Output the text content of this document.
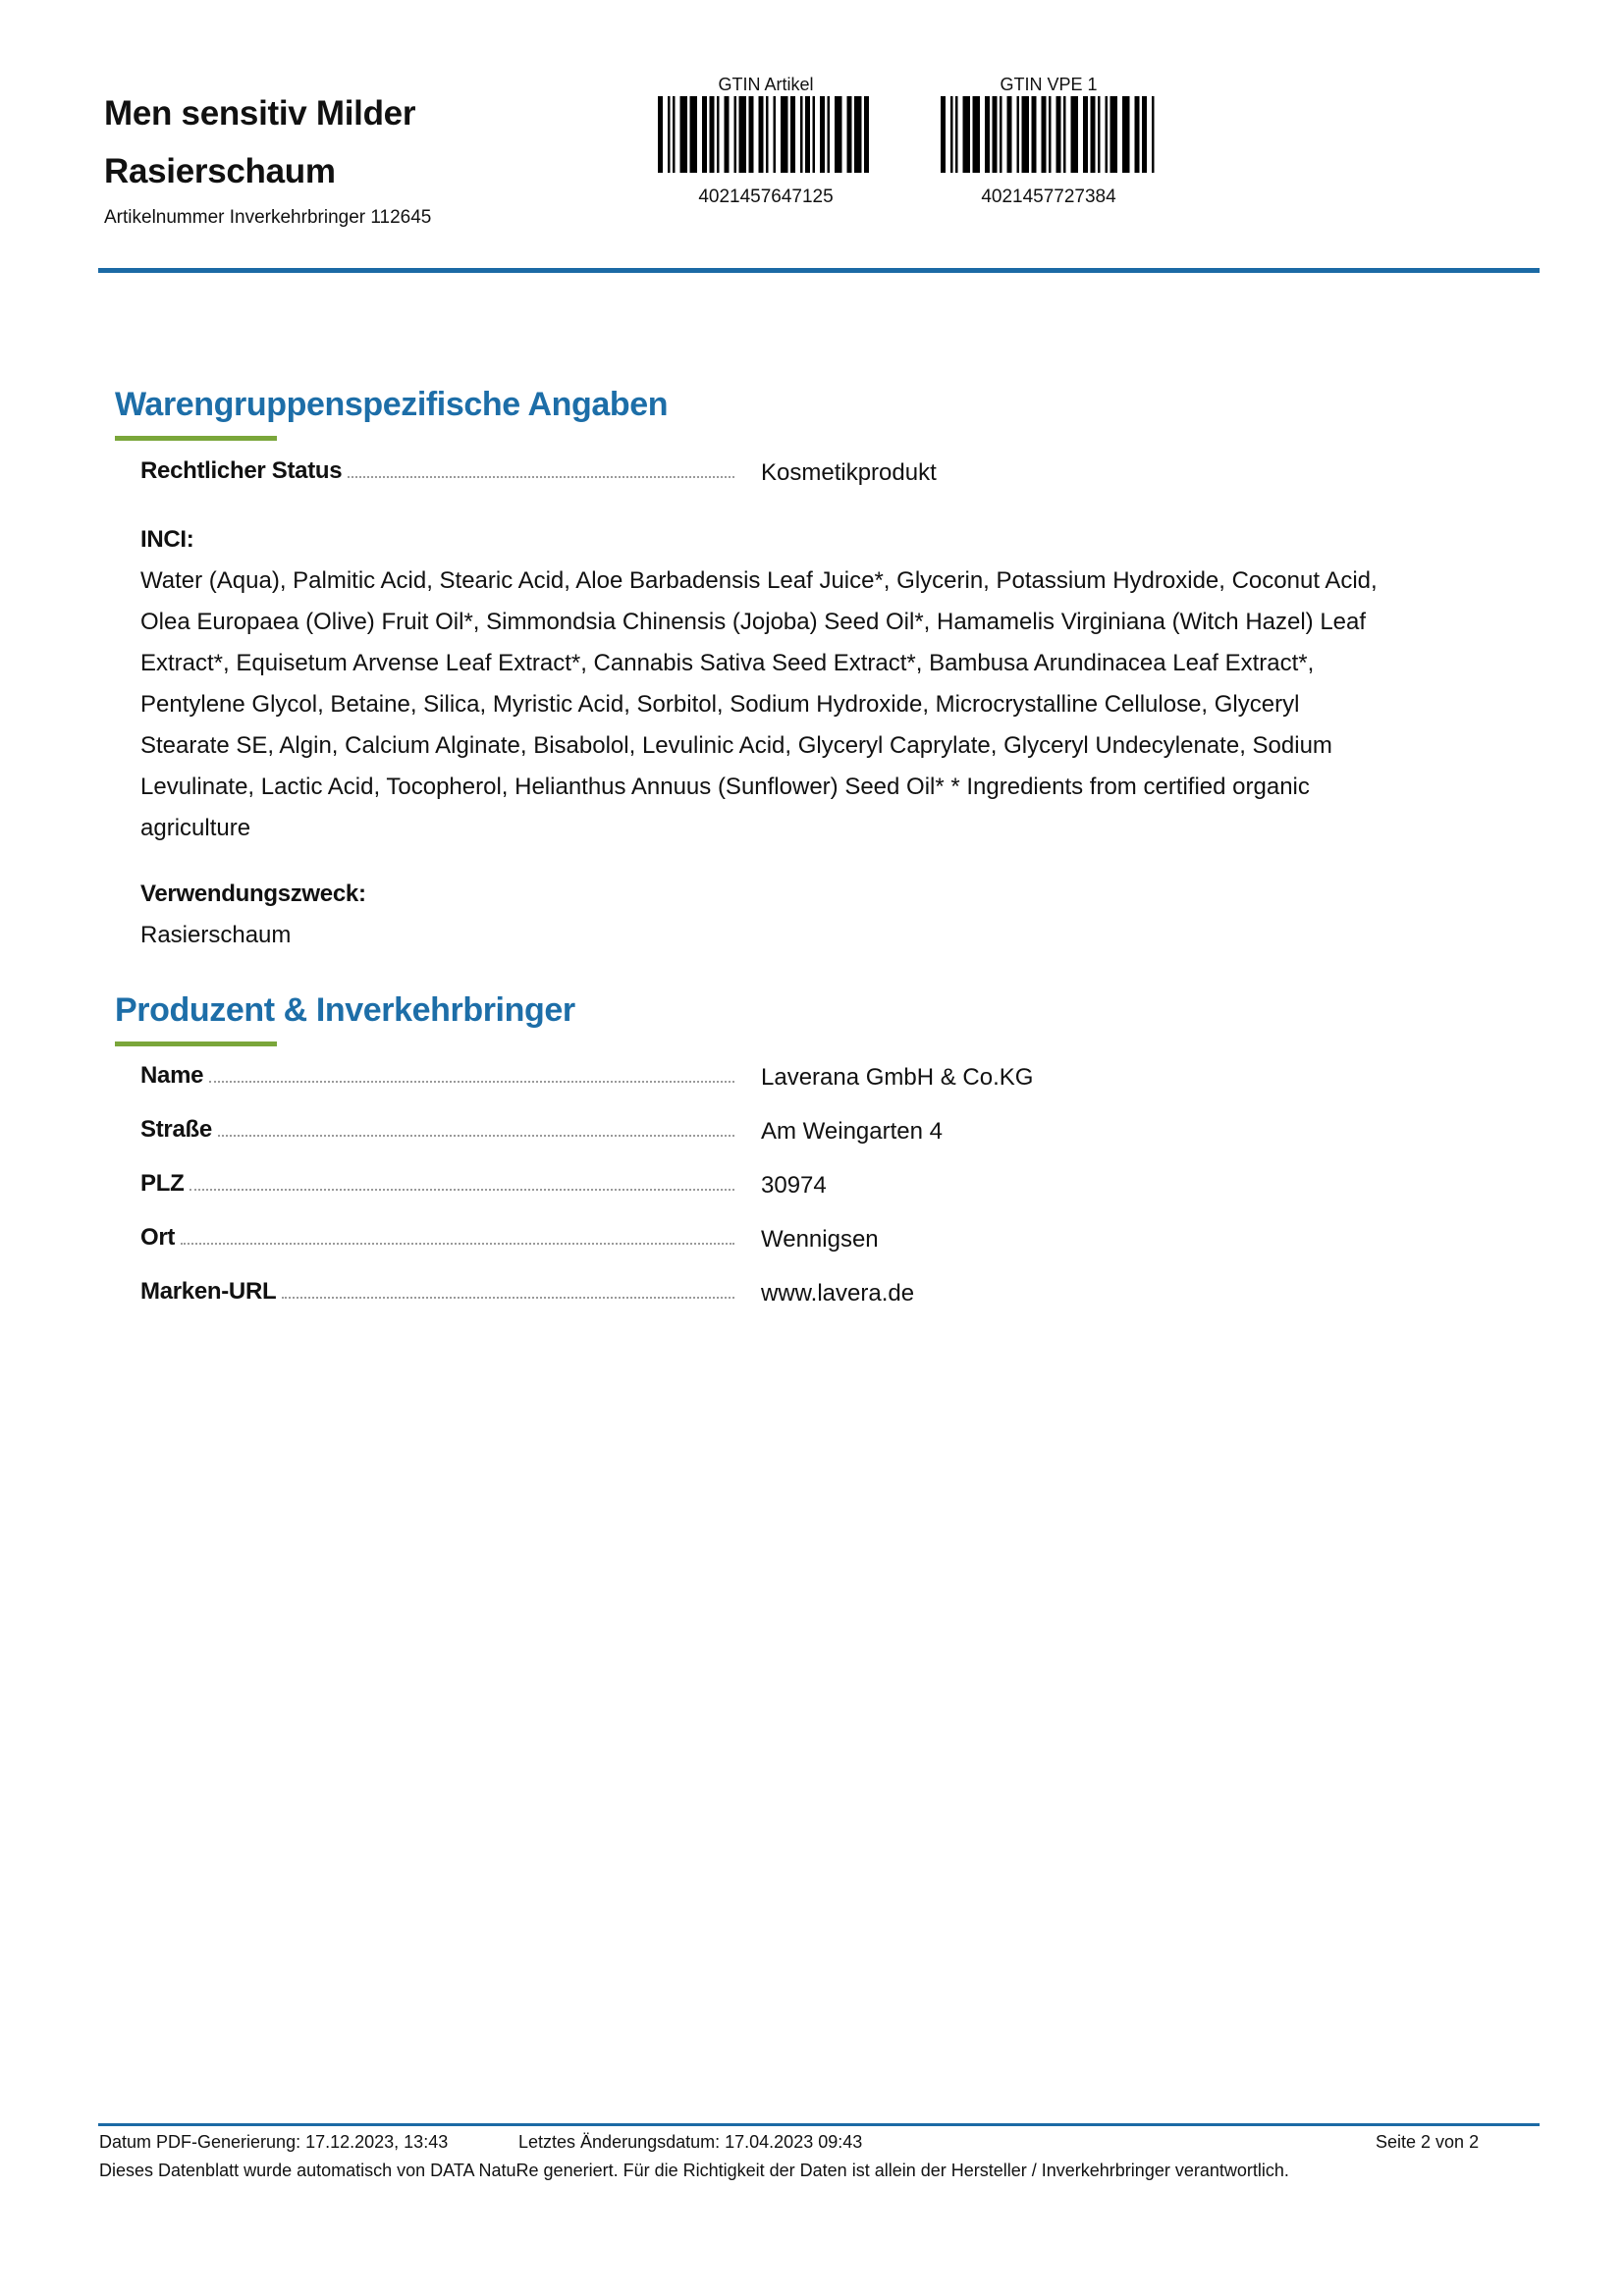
Men sensitiv Milder
Rasierschaum
Artikelnummer Inverkehrbringer 112645
GTIN Artikel
4021457647125
GTIN VPE 1
4021457727384
Warengruppenspezifische Angaben
Rechtlicher Status	Kosmetikprodukt
INCI:
Water (Aqua), Palmitic Acid, Stearic Acid, Aloe Barbadensis Leaf Juice*, Glycerin, Potassium Hydroxide, Coconut Acid, Olea Europaea (Olive) Fruit Oil*, Simmondsia Chinensis (Jojoba) Seed Oil*, Hamamelis Virginiana (Witch Hazel) Leaf Extract*, Equisetum Arvense Leaf Extract*, Cannabis Sativa Seed Extract*, Bambusa Arundinacea Leaf Extract*, Pentylene Glycol, Betaine, Silica, Myristic Acid, Sorbitol, Sodium Hydroxide, Microcrystalline Cellulose, Glyceryl Stearate SE, Algin, Calcium Alginate, Bisabolol, Levulinic Acid, Glyceryl Caprylate, Glyceryl Undecylenate, Sodium Levulinate, Lactic Acid, Tocopherol, Helianthus Annuus (Sunflower) Seed Oil* * Ingredients from certified organic agriculture
Verwendungszweck:
Rasierschaum
Produzent & Inverkehrbringer
Name	Laverana GmbH & Co.KG
Straße	Am Weingarten 4
PLZ	30974
Ort	Wennigsen
Marken-URL	www.lavera.de
Datum PDF-Generierung: 17.12.2023, 13:43	Letztes Änderungsdatum: 17.04.2023 09:43	Seite 2 von 2
Dieses Datenblatt wurde automatisch von DATA NatuRe generiert. Für die Richtigkeit der Daten ist allein der Hersteller / Inverkehrbringer verantwortlich.
